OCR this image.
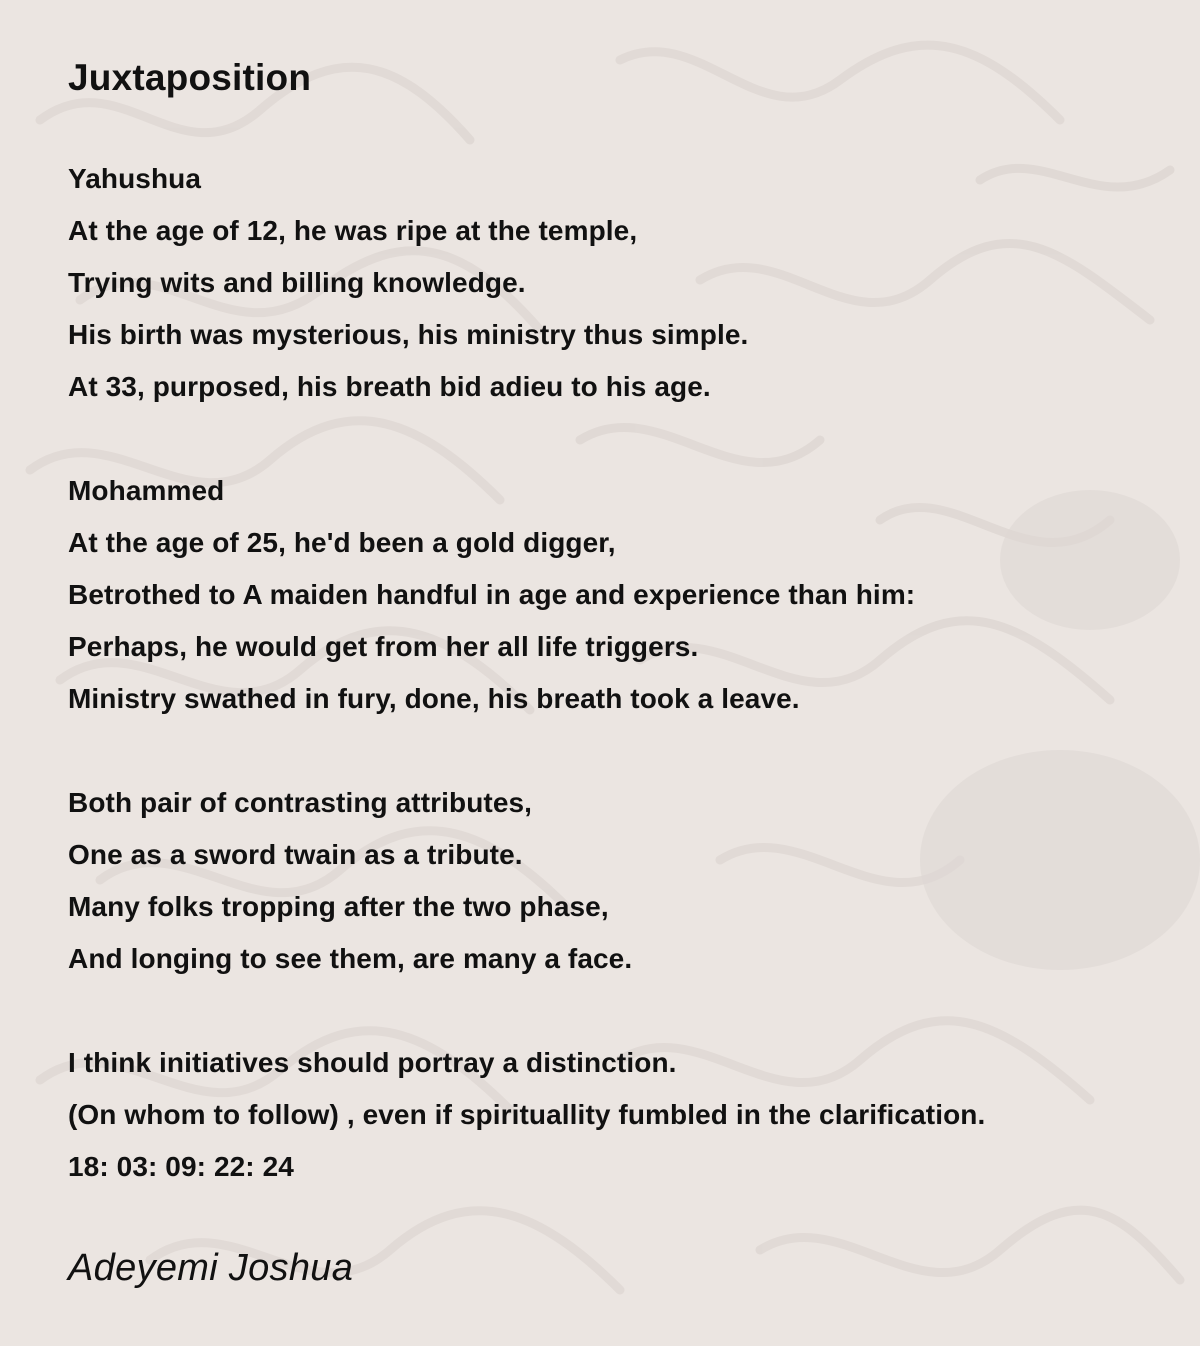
Juxtaposition
Yahushua
At the age of 12, he was ripe at the temple,
Trying wits and billing knowledge.
His birth was mysterious, his ministry thus simple.
At 33, purposed, his breath bid adieu to his age.
Mohammed
At the age of 25, he'd been a gold digger,
Betrothed to A maiden handful in age and experience than him:
Perhaps, he would get from her all life triggers.
Ministry swathed in fury, done, his breath took a leave.
Both pair of contrasting attributes,
One as a sword twain as a tribute.
Many folks tropping after the two phase,
And longing to see them, are many a face.
I think initiatives should portray a distinction.
(On whom to follow) , even if spirituallity fumbled in the clarification.
18: 03: 09: 22: 24
Adeyemi Joshua
